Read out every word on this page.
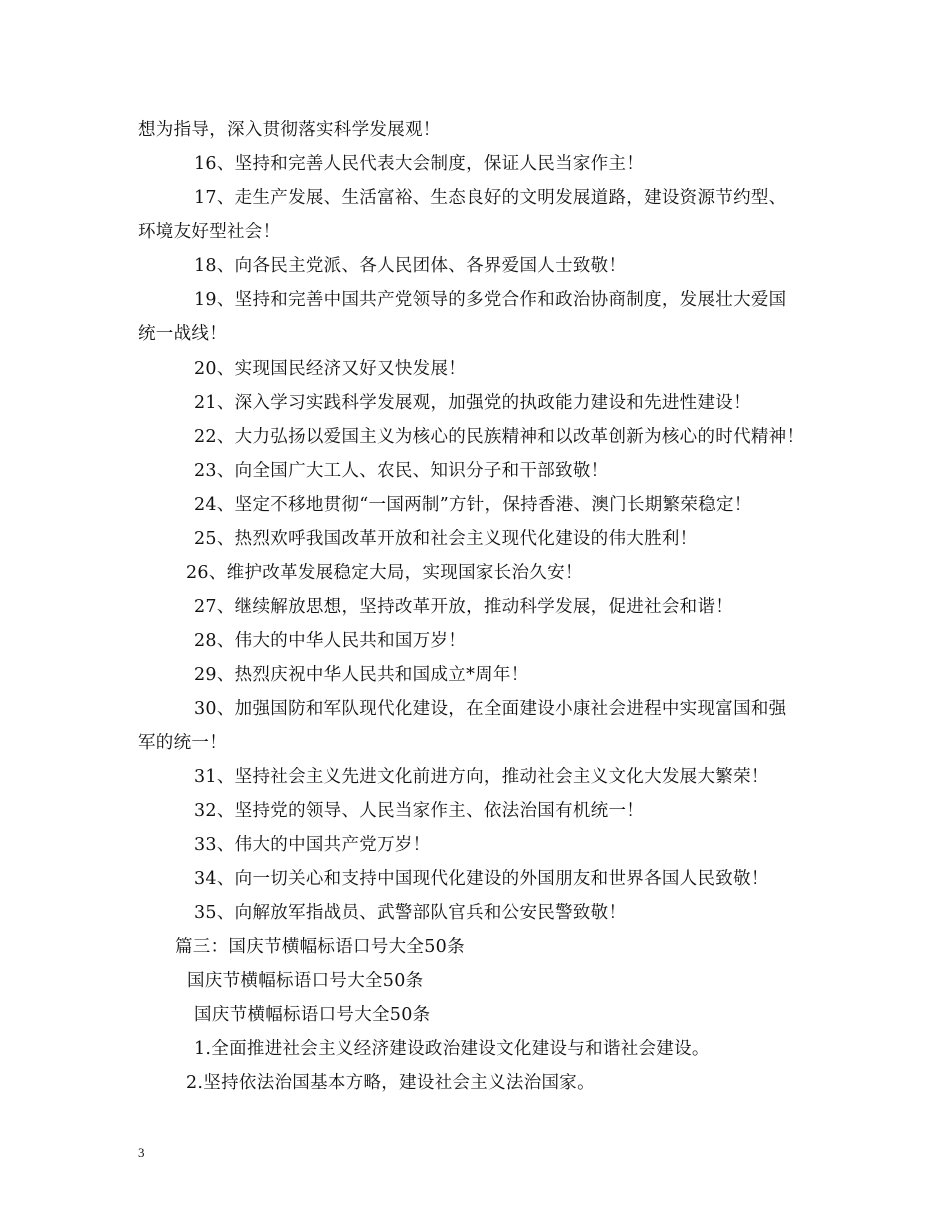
想为指导，深入贯彻落实科学发展观！
16、坚持和完善人民代表大会制度，保证人民当家作主！
17、走生产发展、生活富裕、生态良好的文明发展道路，建设资源节约型、
环境友好型社会！
18、向各民主党派、各人民团体、各界爱国人士致敬！
19、坚持和完善中国共产党领导的多党合作和政治协商制度，发展壮大爱国
统一战线！
20、实现国民经济又好又快发展！
21、深入学习实践科学发展观，加强党的执政能力建设和先进性建设！
22、大力弘扬以爱国主义为核心的民族精神和以改革创新为核心的时代精神！
23、向全国广大工人、农民、知识分子和干部致敬！
24、坚定不移地贯彻“一国两制”方针，保持香港、澳门长期繁荣稳定！
25、热烈欢呼我国改革开放和社会主义现代化建设的伟大胜利！
26、维护改革发展稳定大局，实现国家长治久安！
27、继续解放思想，坚持改革开放，推动科学发展，促进社会和谐！
28、伟大的中华人民共和国万岁！
29、热烈庆祝中华人民共和国成立*周年！
30、加强国防和军队现代化建设，在全面建设小康社会进程中实现富国和强
军的统一！
31、坚持社会主义先进文化前进方向，推动社会主义文化大发展大繁荣！
32、坚持党的领导、人民当家作主、依法治国有机统一！
33、伟大的中国共产党万岁！
34、向一切关心和支持中国现代化建设的外国朋友和世界各国人民致敬！
35、向解放军指战员、武警部队官兵和公安民警致敬！
篇三：国庆节横幅标语口号大全50条
国庆节横幅标语口号大全50条
国庆节横幅标语口号大全50条
1.全面推进社会主义经济建设政治建设文化建设与和谐社会建设。
2.坚持依法治国基本方略，建设社会主义法治国家。
3
